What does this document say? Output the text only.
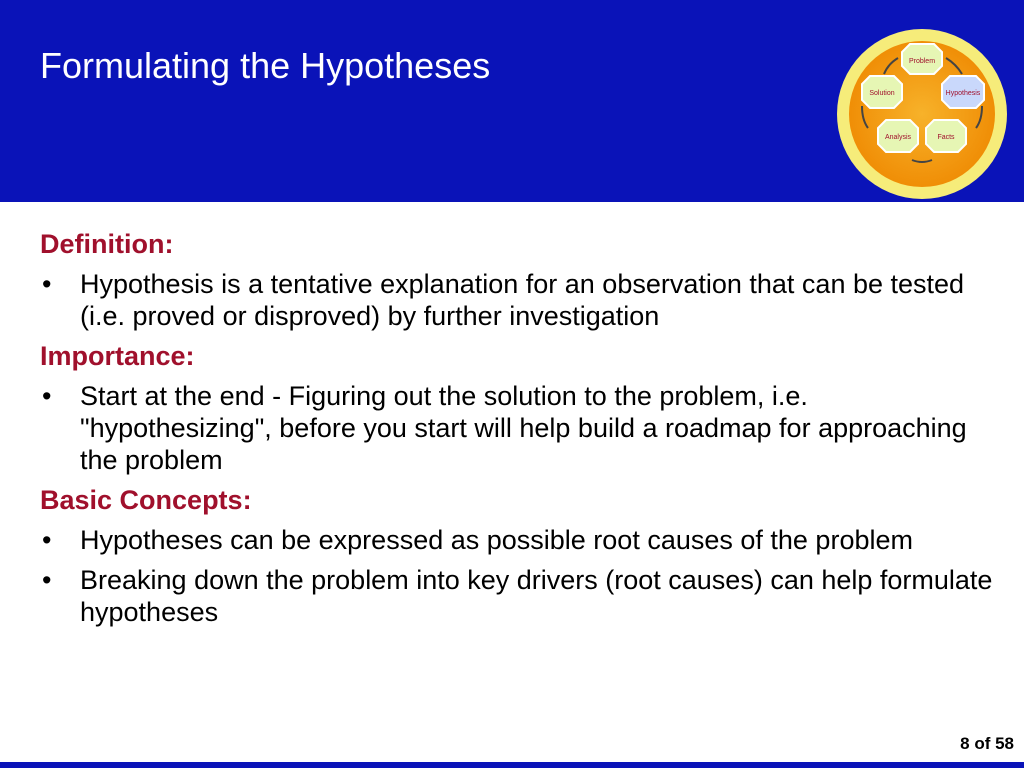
Formulating the Hypotheses	Problem
Hypothesis
Solution
Analysis	Facts
Definition:
• Hypothesis is a tentative explanation for an observation that can be tested (i.e. proved or disproved) by further investigation
Importance:
• Start at the end - Figuring out the solution to the problem, i.e. "hypothesizing", before you start will help build a roadmap for approaching the problem
Basic Concepts:
• Hypotheses can be expressed as possible root causes of the problem
• Breaking down the problem into key drivers (root causes) can help formulate hypotheses
8 of 58
